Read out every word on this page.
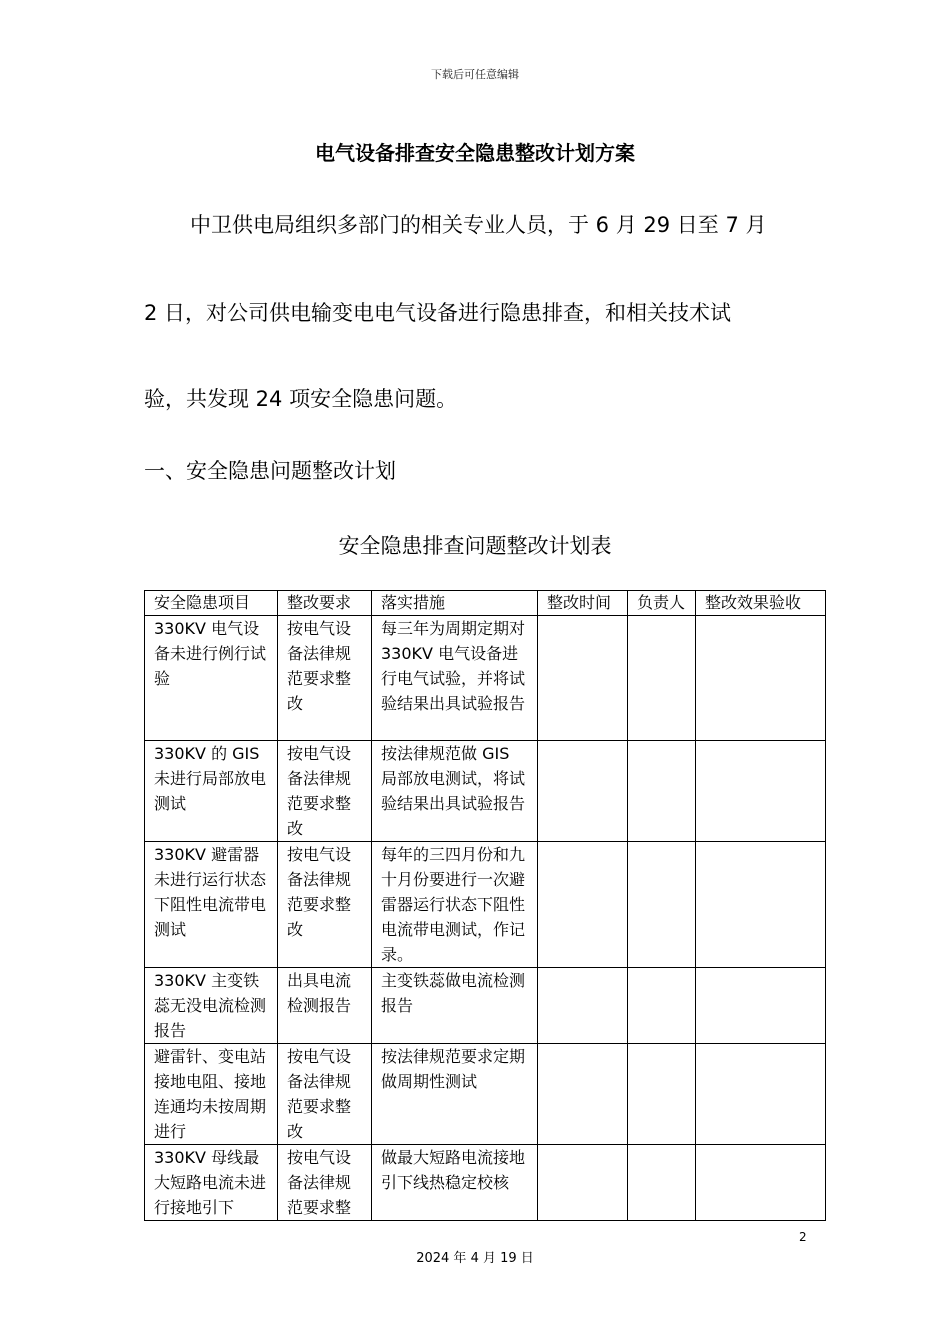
下载后可任意编辑
电气设备排查安全隐患整改计划方案
中卫供电局组织多部门的相关专业人员，于 6 月 29 日至 7 月
2 日，对公司供电输变电电气设备进行隐患排查，和相关技术试
验，共发现 24 项安全隐患问题。
一、安全隐患问题整改计划
安全隐患排查问题整改计划表
安全隐患项目	整改要求	落实措施	整改时间	负责人	整改效果验收
330KV 电气设备未进行例行试验	按电气设备法律规范要求整改	每三年为周期定期对 330KV 电气设备进行电气试验，并将试验结果出具试验报告			
330KV 的 GIS 未进行局部放电测试	按电气设备法律规范要求整改	按法律规范做 GIS 局部放电测试，将试验结果出具试验报告			
330KV 避雷器未进行运行状态下阻性电流带电测试	按电气设备法律规范要求整改	每年的三四月份和九十月份要进行一次避雷器运行状态下阻性电流带电测试，作记录。			
330KV 主变铁蕊无没电流检测报告	出具电流检测报告	主变铁蕊做电流检测报告			
避雷针、变电站接地电阻、接地连通均未按周期进行	按电气设备法律规范要求整改	按法律规范要求定期做周期性测试			
330KV 母线最大短路电流未进行接地引下	按电气设备法律规范要求整	做最大短路电流接地引下线热稳定校核			
2
2024 年 4 月 19 日
